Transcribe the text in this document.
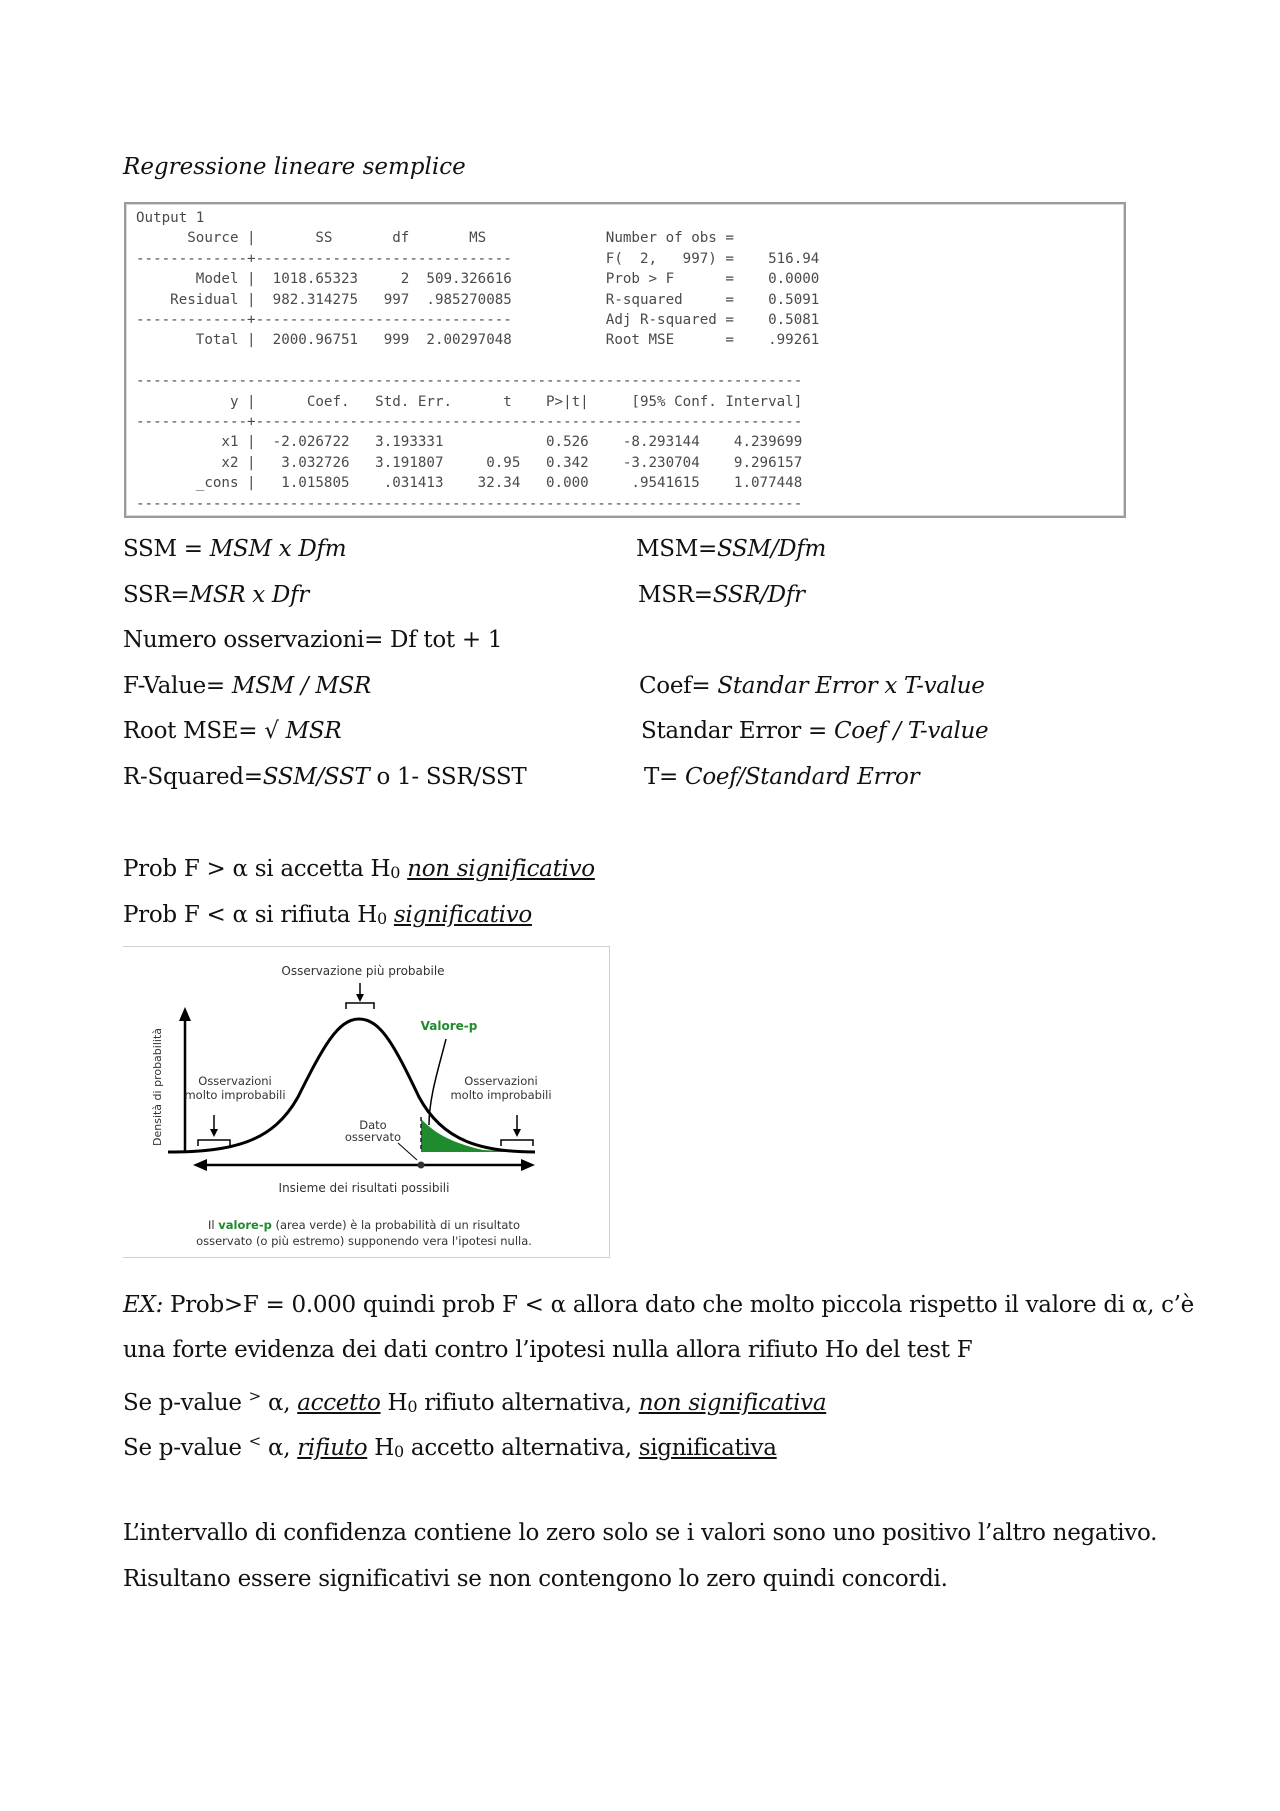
Regressione lineare semplice
Output 1
Source |       SS       df       MS              Number of obs =
-------------+------------------------------           F(  2,   997) =    516.94
Model |  1018.65323     2  509.326616           Prob > F      =    0.0000
Residual |  982.314275   997  .985270085           R-squared     =    0.5091
-------------+------------------------------           Adj R-squared =    0.5081
Total |  2000.96751   999  2.00297048           Root MSE      =    .99261

------------------------------------------------------------------------------
y |      Coef.   Std. Err.      t    P>|t|     [95% Conf. Interval]
-------------+----------------------------------------------------------------
x1 |  -2.026722   3.193331            0.526    -8.293144    4.239699
x2 |   3.032726   3.191807     0.95   0.342    -3.230704    9.296157
_cons |   1.015805    .031413    32.34   0.000     .9541615    1.077448
------------------------------------------------------------------------------
SSM = MSM x Dfm
SSR=MSR x Dfr
Numero osservazioni= Df tot + 1
F-Value= MSM / MSR
Root MSE= √ MSR
R-Squared=SSM/SST o 1- SSR/SST
MSM=SSM/Dfm
MSR=SSR/Dfr
Coef= Standar Error x T-value
Standar Error = Coef / T-value
T= Coef/Standard Error
Prob F > α si accetta H0 non significativo
Prob F < α si rifiuta H0 significativo
Osservazione più probabile
Valore-p
Densità di probabilità	Osservazioni
molto improbabili
Osservazioni
molto improbabili
Dato
osservato
Insieme dei risultati possibili
Il valore-p (area verde) è la probabilità di un risultato
osservato (o più estremo) supponendo vera l'ipotesi nulla.
EX: Prob>F = 0.000 quindi prob F < α allora dato che molto piccola rispetto il valore di α, c’è
una forte evidenza dei dati contro l’ipotesi nulla allora rifiuto Ho del test F
Se p-value > α, accetto H0 rifiuto alternativa, non significativa
Se p-value < α, rifiuto H0 accetto alternativa, significativa
L’intervallo di confidenza contiene lo zero solo se i valori sono uno positivo l’altro negativo.
Risultano essere significativi se non contengono lo zero quindi concordi.
